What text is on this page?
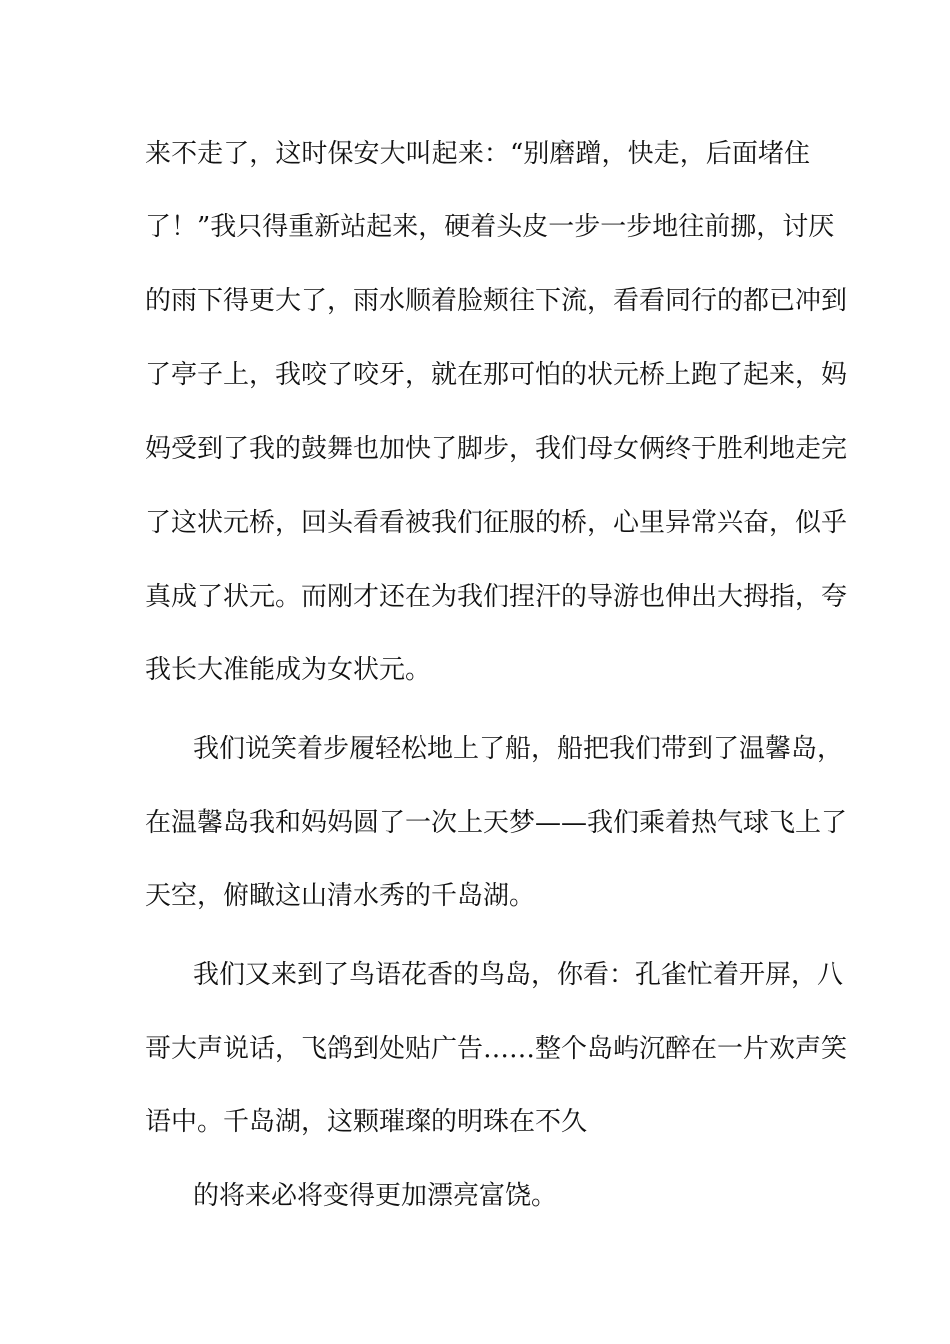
来不走了，这时保安大叫起来：“别磨蹭，快走，后面堵住
了！”我只得重新站起来，硬着头皮一步一步地往前挪，讨厌
的雨下得更大了，雨水顺着脸颊往下流，看看同行的都已冲到
了亭子上，我咬了咬牙，就在那可怕的状元桥上跑了起来，妈
妈受到了我的鼓舞也加快了脚步，我们母女俩终于胜利地走完
了这状元桥，回头看看被我们征服的桥，心里异常兴奋，似乎
真成了状元。而刚才还在为我们捏汗的导游也伸出大拇指，夸
我长大准能成为女状元。
我们说笑着步履轻松地上了船，船把我们带到了温馨岛，
在温馨岛我和妈妈圆了一次上天梦——我们乘着热气球飞上了
天空，俯瞰这山清水秀的千岛湖。
我们又来到了鸟语花香的鸟岛，你看：孔雀忙着开屏，八
哥大声说话，飞鸽到处贴广告……整个岛屿沉醉在一片欢声笑
语中。千岛湖，这颗璀璨的明珠在不久
的将来必将变得更加漂亮富饶。
